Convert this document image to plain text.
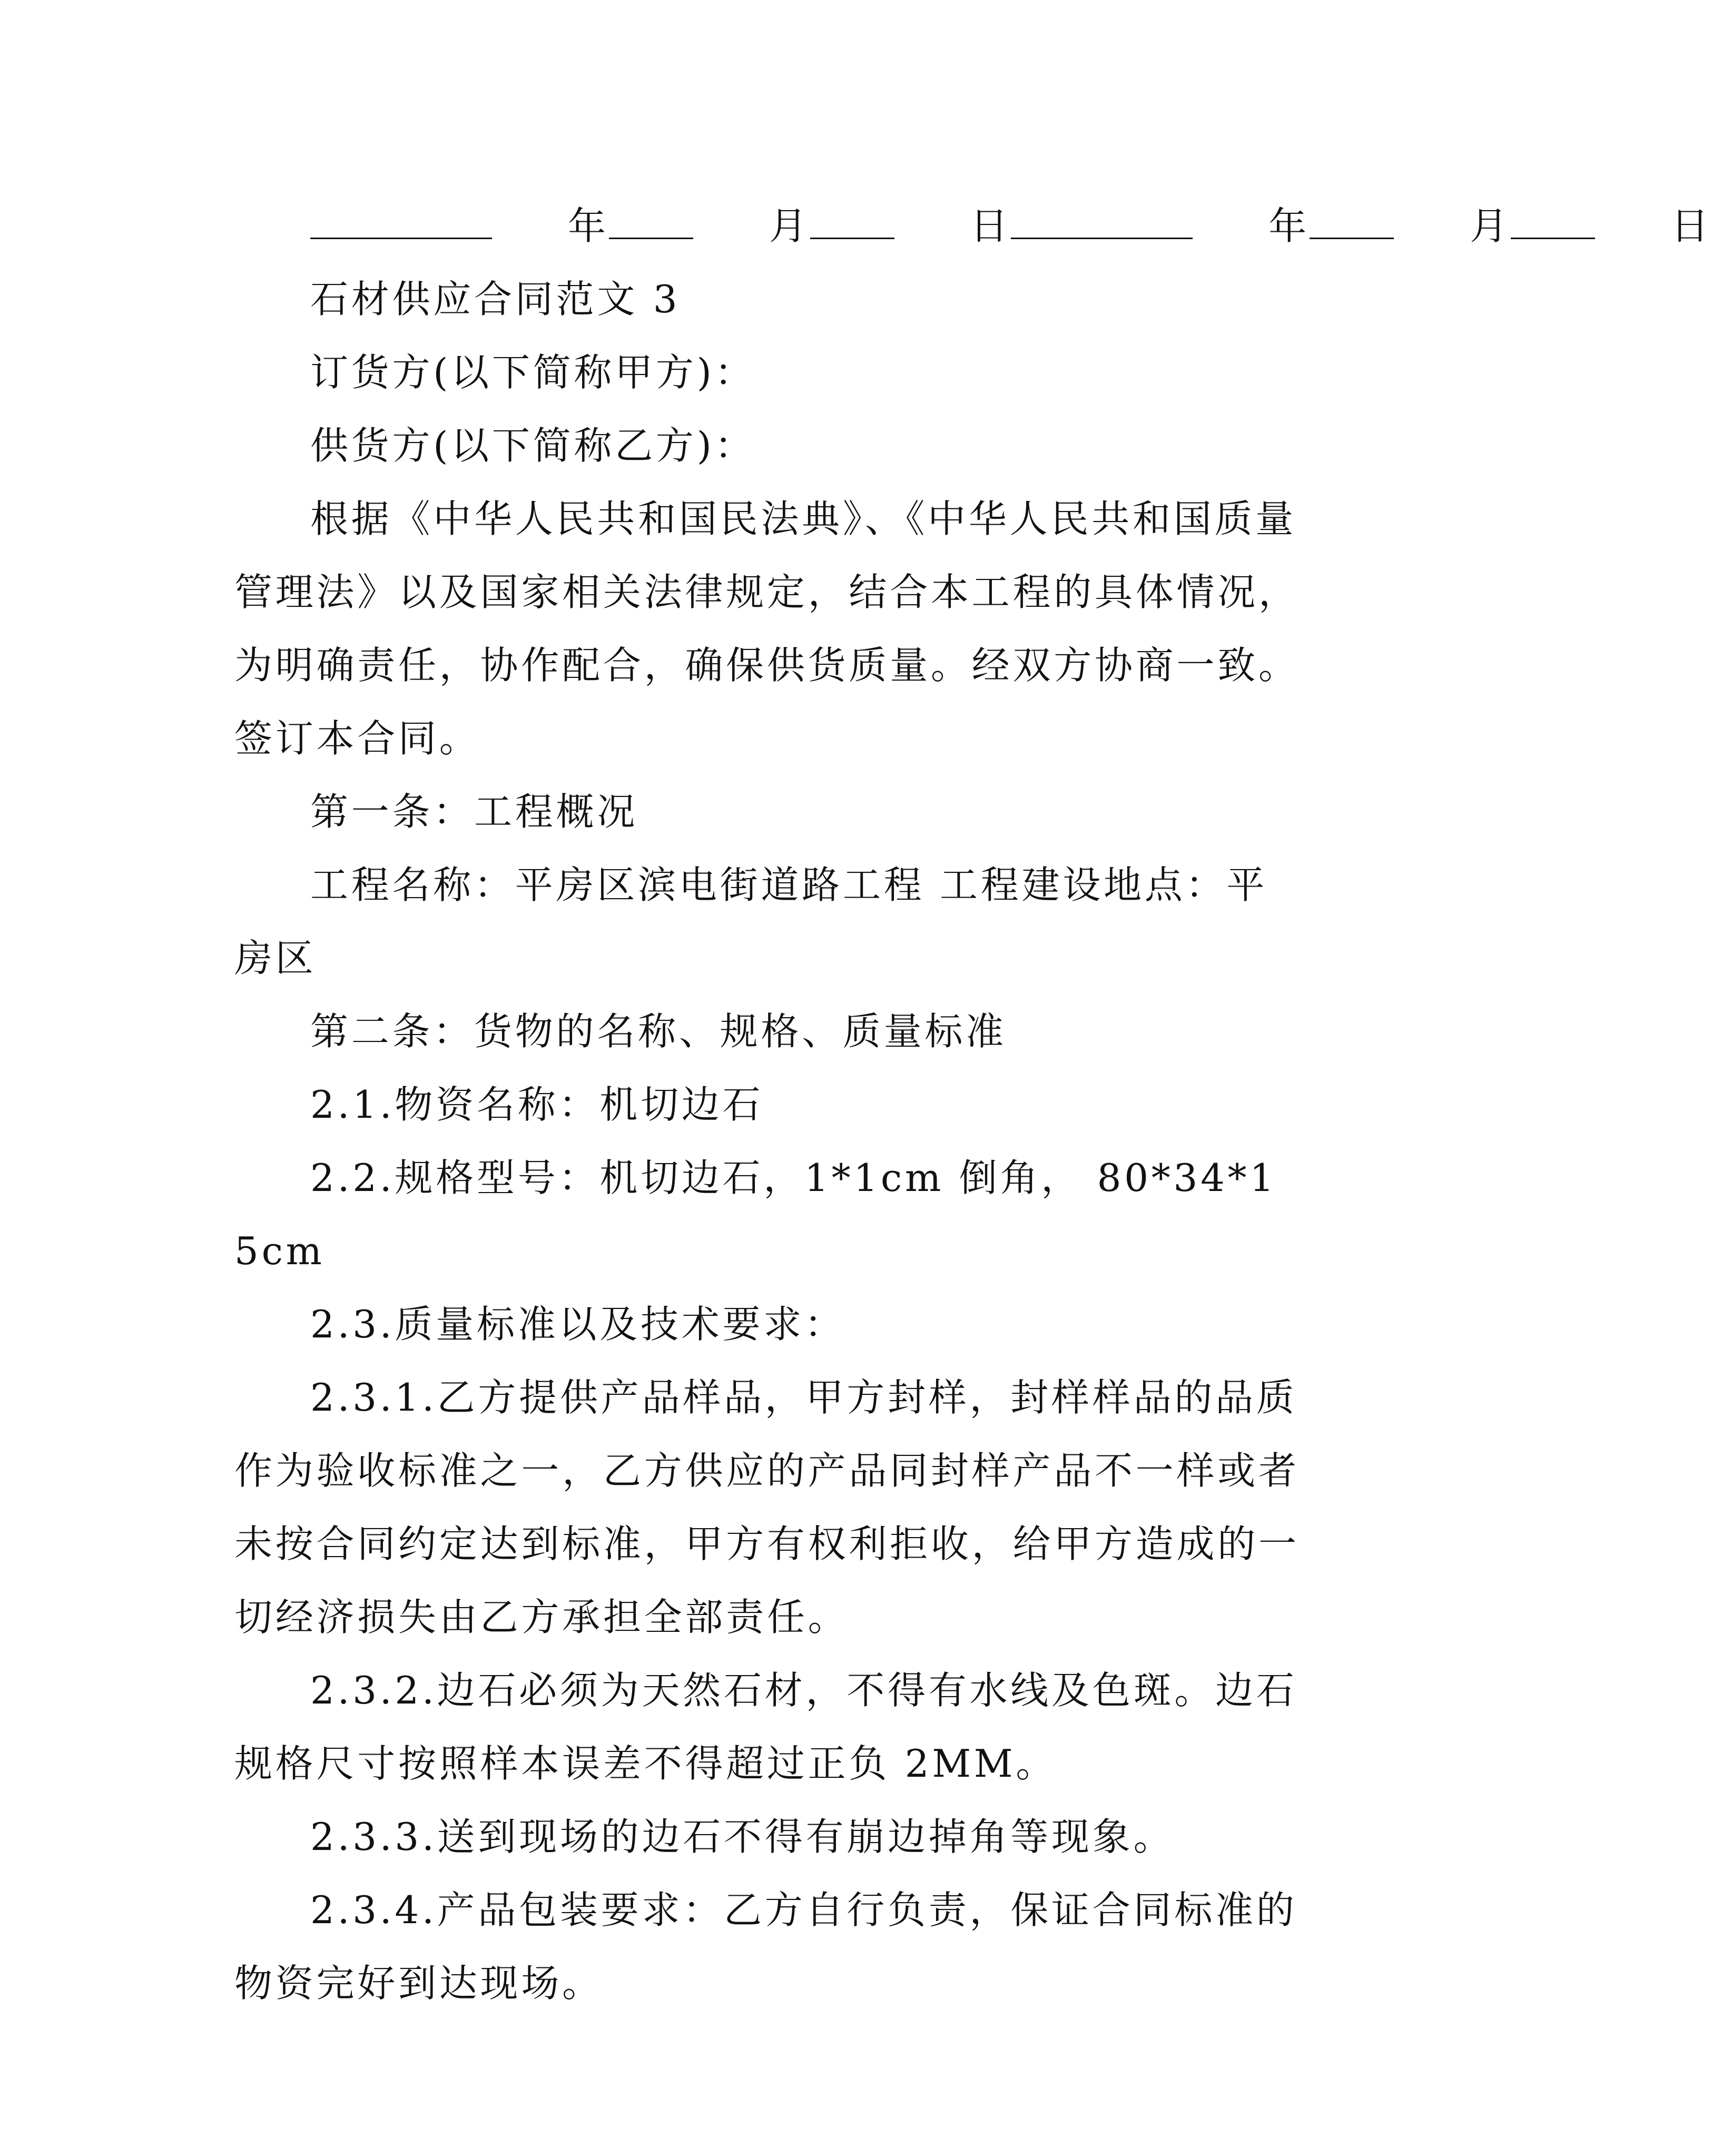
年	月	日	年	月	日

石材供应合同范文 3

订货方(以下简称甲方)：

供货方(以下简称乙方)：

根据《中华人民共和国民法典》、《中华人民共和国质量管理法》以及国家相关法律规定，结合本工程的具体情况，为明确责任，协作配合，确保供货质量。经双方协商一致。签订本合同。

第一条：工程概况

工程名称：平房区滨电街道路工程 工程建设地点：平房区

第二条：货物的名称、规格、质量标准

2.1.物资名称：机切边石

2.2.规格型号：机切边石，1*1cm 倒角， 80*34*15cm

2.3.质量标准以及技术要求：

2.3.1.乙方提供产品样品，甲方封样，封样样品的品质作为验收标准之一，乙方供应的产品同封样产品不一样或者未按合同约定达到标准，甲方有权利拒收，给甲方造成的一切经济损失由乙方承担全部责任。

2.3.2.边石必须为天然石材，不得有水线及色斑。边石规格尺寸按照样本误差不得超过正负 2MM。

2.3.3.送到现场的边石不得有崩边掉角等现象。

2.3.4.产品包装要求：乙方自行负责，保证合同标准的物资完好到达现场。
